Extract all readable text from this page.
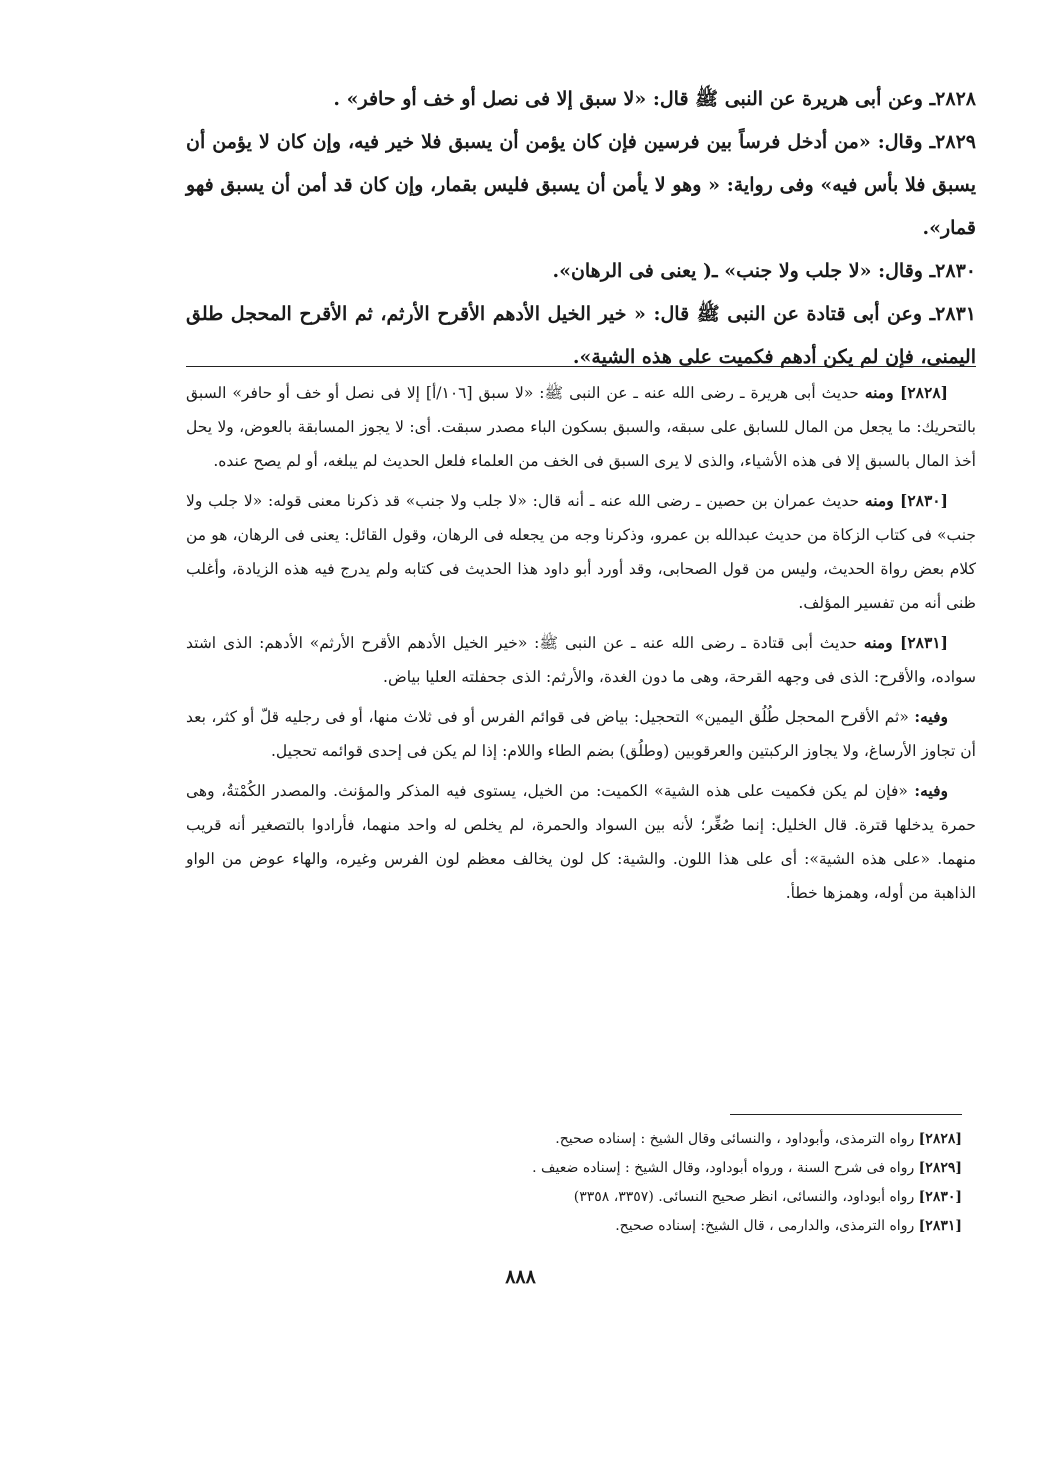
٢٨٢٨ـ وعن أبى هريرة عن النبى ﷺ قال: «لا سبق إلا فى نصل أو خف أو حافر» .

٢٨٢٩ـ وقال: «من أدخل فرساً بين فرسين فإن كان يؤمن أن يسبق فلا خير فيه، وإن كان لا يؤمن أن يسبق فلا بأس فيه» وفى رواية: « وهو لا يأمن أن يسبق فليس بقمار، وإن كان قد أمن أن يسبق فهو قمار».

٢٨٣٠ـ وقال: «لا جلب ولا جنب» ـ( يعنى فى الرهان».

٢٨٣١ـ وعن أبى قتادة عن النبى ﷺ قال: « خير الخيل الأدهم الأقرح الأرثم، ثم الأقرح المحجل طلق اليمنى، فإن لم يكن أدهم فكميت على هذه الشية».

[٢٨٢٨] ومنه حديث أبى هريرة ـ رضى الله عنه ـ عن النبى ﷺ: «لا سبق [١٠٦/أ] إلا فى نصل أو خف أو حافر» السبق بالتحريك: ما يجعل من المال للسابق على سبقه، والسبق بسكون الباء مصدر سبقت. أى: لا يجوز المسابقة بالعوض، ولا يحل أخذ المال بالسبق إلا فى هذه الأشياء، والذى لا يرى السبق فى الخف من العلماء فلعل الحديث لم يبلغه، أو لم يصح عنده.

[٢٨٣٠] ومنه حديث عمران بن حصين ـ رضى الله عنه ـ أنه قال: «لا جلب ولا جنب» قد ذكرنا معنى قوله: «لا جلب ولا جنب» فى كتاب الزكاة من حديث عبدالله بن عمرو، وذكرنا وجه من يجعله فى الرهان، وقول القائل: يعنى فى الرهان، هو من كلام بعض رواة الحديث، وليس من قول الصحابى، وقد أورد أبو داود هذا الحديث فى كتابه ولم يدرج فيه هذه الزيادة، وأغلب ظنى أنه من تفسير المؤلف.

[٢٨٣١] ومنه حديث أبى قتادة ـ رضى الله عنه ـ عن النبى ﷺ: «خير الخيل الأدهم الأقرح الأرثم» الأدهم: الذى اشتد سواده، والأقرح: الذى فى وجهه القرحة، وهى ما دون الغدة، والأرثم: الذى جحفلته العليا بياض.

وفيه: «ثم الأقرح المحجل طُلُق اليمين» التحجيل: بياض فى قوائم الفرس أو فى ثلاث منها، أو فى رجليه قلّ أو كثر، بعد أن تجاوز الأرساغ، ولا يجاوز الركبتين والعرقوبين (وطلُق) بضم الطاء واللام: إذا لم يكن فى إحدى قوائمه تحجيل.

وفيه: «فإن لم يكن فكميت على هذه الشية» الكميت: من الخيل، يستوى فيه المذكر والمؤنث. والمصدر الكُمْتةُ، وهى حمرة يدخلها قترة. قال الخليل: إنما صُغِّر؛ لأنه بين السواد والحمرة، لم يخلص له واحد منهما، فأرادوا بالتصغير أنه قريب منهما. «على هذه الشية»: أى على هذا اللون. والشية: كل لون يخالف معظم لون الفرس وغيره، والهاء عوض من الواو الذاهبة من أوله، وهمزها خطأ.

[٢٨٢٨] رواه الترمذى، وأبوداود ، والنسائى وقال الشيخ : إسناده صحيح.

[٢٨٢٩] رواه فى شرح السنة ، ورواه أبوداود، وقال الشيخ : إسناده ضعيف .

[٢٨٣٠] رواه أبوداود، والنسائى، انظر صحيح النسائى. (٣٣٥٧، ٣٣٥٨)

[٢٨٣١] رواه الترمذى، والدارمى ، قال الشيخ: إسناده صحيح.

٨٨٨
